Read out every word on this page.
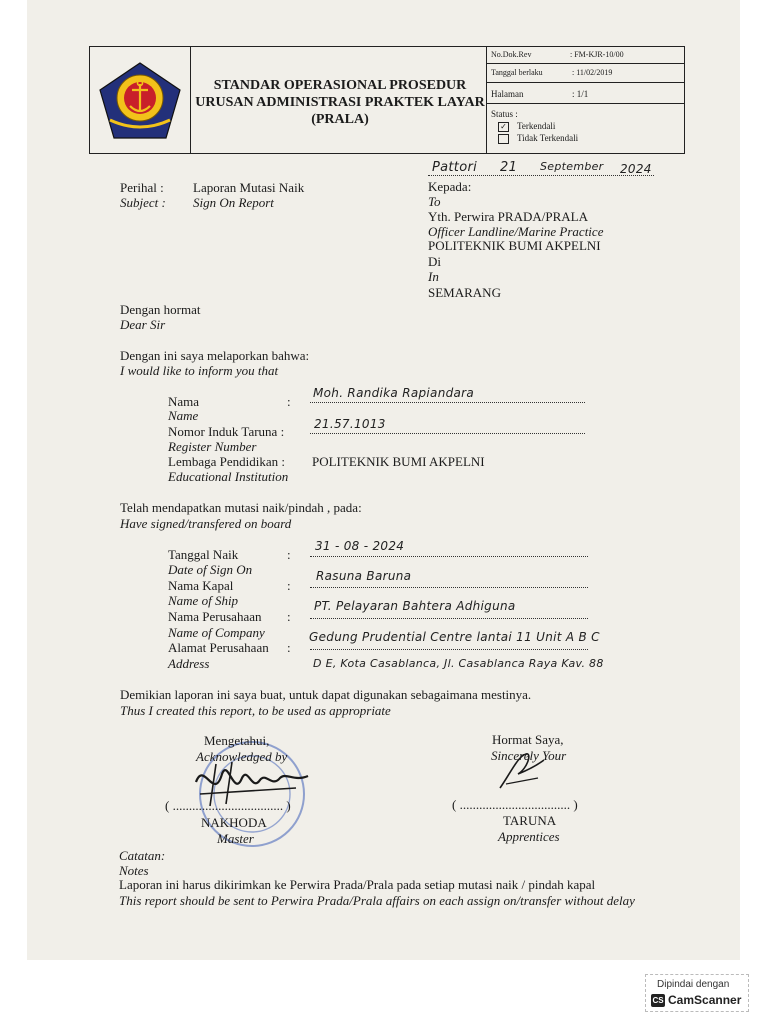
STANDAR OPERASIONAL PROSEDUR
URUSAN ADMINISTRASI PRAKTEK LAYAR
(PRALA)
No.Dok.Rev	: FM-KJR-10/00
Tanggal berlaku	: 11/02/2019
Halaman	: 1/1
Status :
✓ Terkendali
Tidak Terkendali
Pattori 21 September 2024
Perihal :
Subject :
Laporan Mutasi Naik
Sign On Report
Kepada:
To
Yth. Perwira PRADA/PRALA
Officer Landline/Marine Practice
POLITEKNIK BUMI AKPELNI
Di
In
SEMARANG
Dengan hormat
Dear Sir
Dengan ini saya melaporkan bahwa:
I would like to inform you that
Nama	:
Name
Moh. Randika Rapiandara
Nomor Induk Taruna :
Register Number
21.57.1013
Lembaga Pendidikan :
Educational Institution
POLITEKNIK BUMI AKPELNI
Telah mendapatkan mutasi naik/pindah , pada:
Have signed/transfered on board
Tanggal Naik	:
Date of Sign On
31 - 08 - 2024
Nama Kapal	:
Name of Ship
Rasuna Baruna
Nama Perusahaan :
Name of Company
PT. Pelayaran Bahtera Adhiguna
Alamat Perusahaan :
Address
Gedung Prudential Centre lantai 11 Unit A B C
D E, Kota Casablanca, Jl. Casablanca Raya Kav. 88
Demikian laporan ini saya buat, untuk dapat digunakan sebagaimana mestinya.
Thus I created this report, to be used as appropriate
Mengetahui,
Acknowledged by
( .................................. )
NAKHODA
Master
Hormat Saya,
Sincerely Your
( .................................. )
TARUNA
Apprentices
Catatan:
Notes
Laporan ini harus dikirimkan ke Perwira Prada/Prala pada setiap mutasi naik / pindah kapal
This report should be sent to Perwira Prada/Prala affairs on each assign on/transfer without delay
Dipindai dengan
CS CamScanner
